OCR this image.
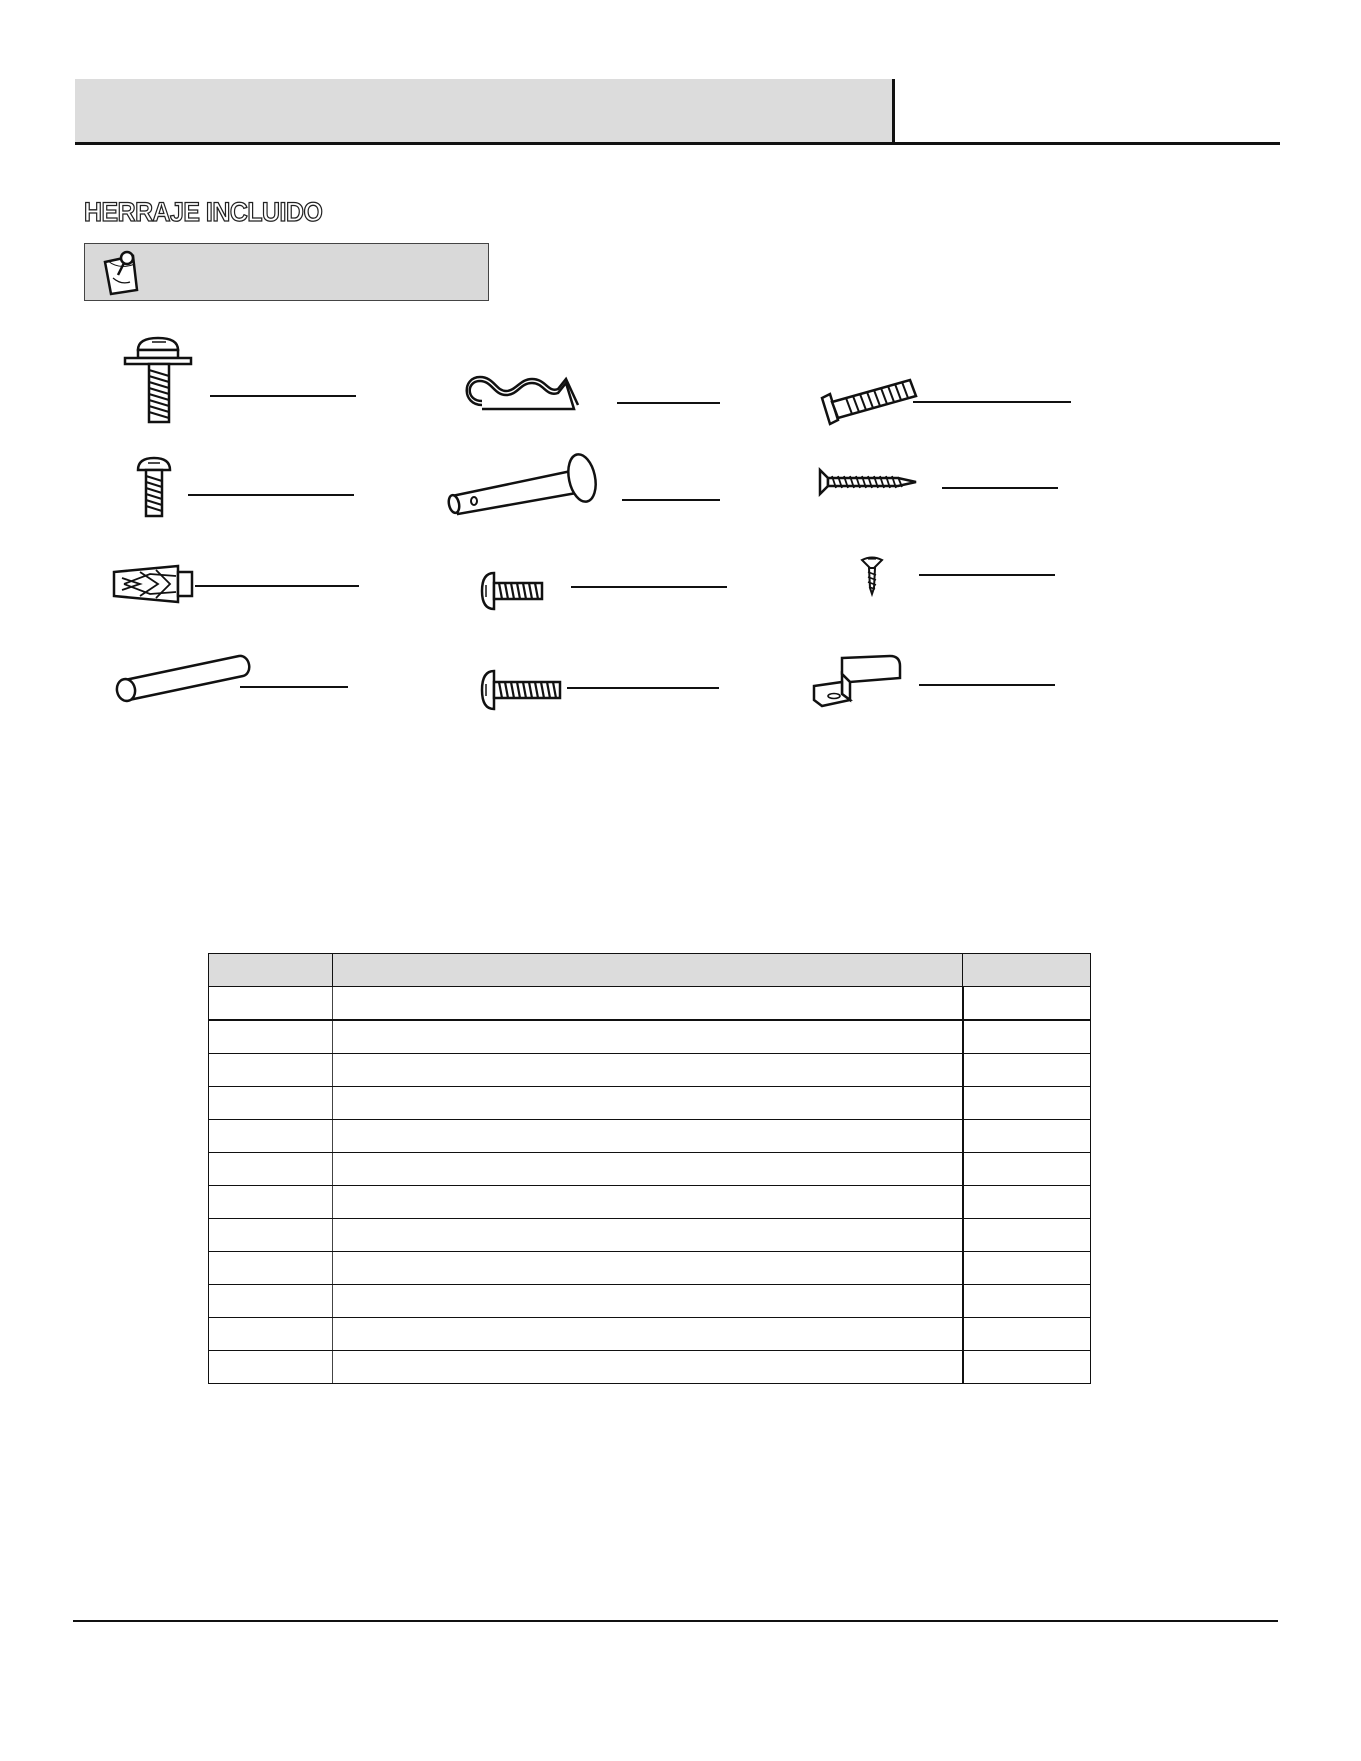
HERRAJE INCLUIDO
